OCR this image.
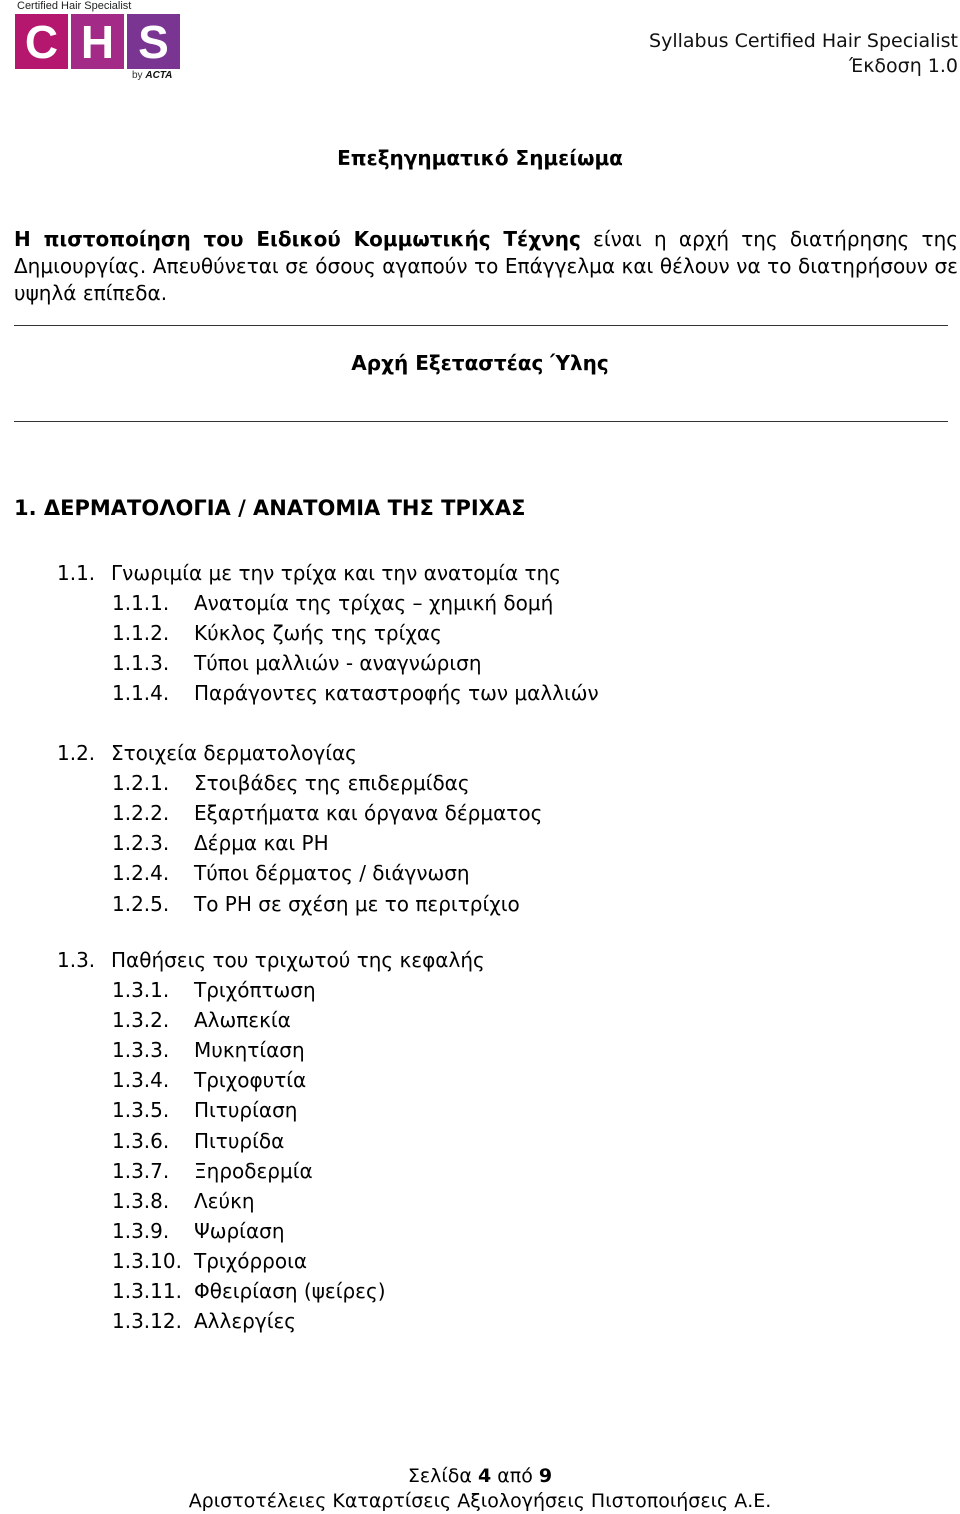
Certified Hair Specialist
C H S
by ACTA
Syllabus Certified Hair Specialist
Έκδοση 1.0
Επεξηγηματικό Σημείωμα
Η πιστοποίηση του Ειδικού Κομμωτικής Τέχνης είναι η αρχή της διατήρησης της Δημιουργίας. Απευθύνεται σε όσους αγαπούν το Επάγγελμα και θέλουν να το διατηρήσουν σε υψηλά επίπεδα.
Αρχή Εξεταστέας Ύλης
1. ΔΕΡΜΑΤΟΛΟΓΙΑ / ΑΝΑΤΟΜΙΑ ΤΗΣ ΤΡΙΧΑΣ
1.1. Γνωριμία με την τρίχα και την ανατομία της
1.1.1. Ανατομία της τρίχας – χημική δομή
1.1.2. Κύκλος ζωής της τρίχας
1.1.3. Τύποι μαλλιών - αναγνώριση
1.1.4. Παράγοντες καταστροφής των μαλλιών
1.2. Στοιχεία δερματολογίας
1.2.1. Στοιβάδες της επιδερμίδας
1.2.2. Εξαρτήματα και όργανα δέρματος
1.2.3. Δέρμα και PH
1.2.4. Τύποι δέρματος / διάγνωση
1.2.5. Το PH σε σχέση με το περιτρίχιο
1.3. Παθήσεις του τριχωτού της κεφαλής
1.3.1. Τριχόπτωση
1.3.2. Αλωπεκία
1.3.3. Μυκητίαση
1.3.4. Τριχοφυτία
1.3.5. Πιτυρίαση
1.3.6. Πιτυρίδα
1.3.7. Ξηροδερμία
1.3.8. Λεύκη
1.3.9. Ψωρίαση
1.3.10. Τριχόρροια
1.3.11. Φθειρίαση (ψείρες)
1.3.12. Αλλεργίες
Σελίδα 4 από 9
Αριστοτέλειες Καταρτίσεις Αξιολογήσεις Πιστοποιήσεις Α.Ε.
